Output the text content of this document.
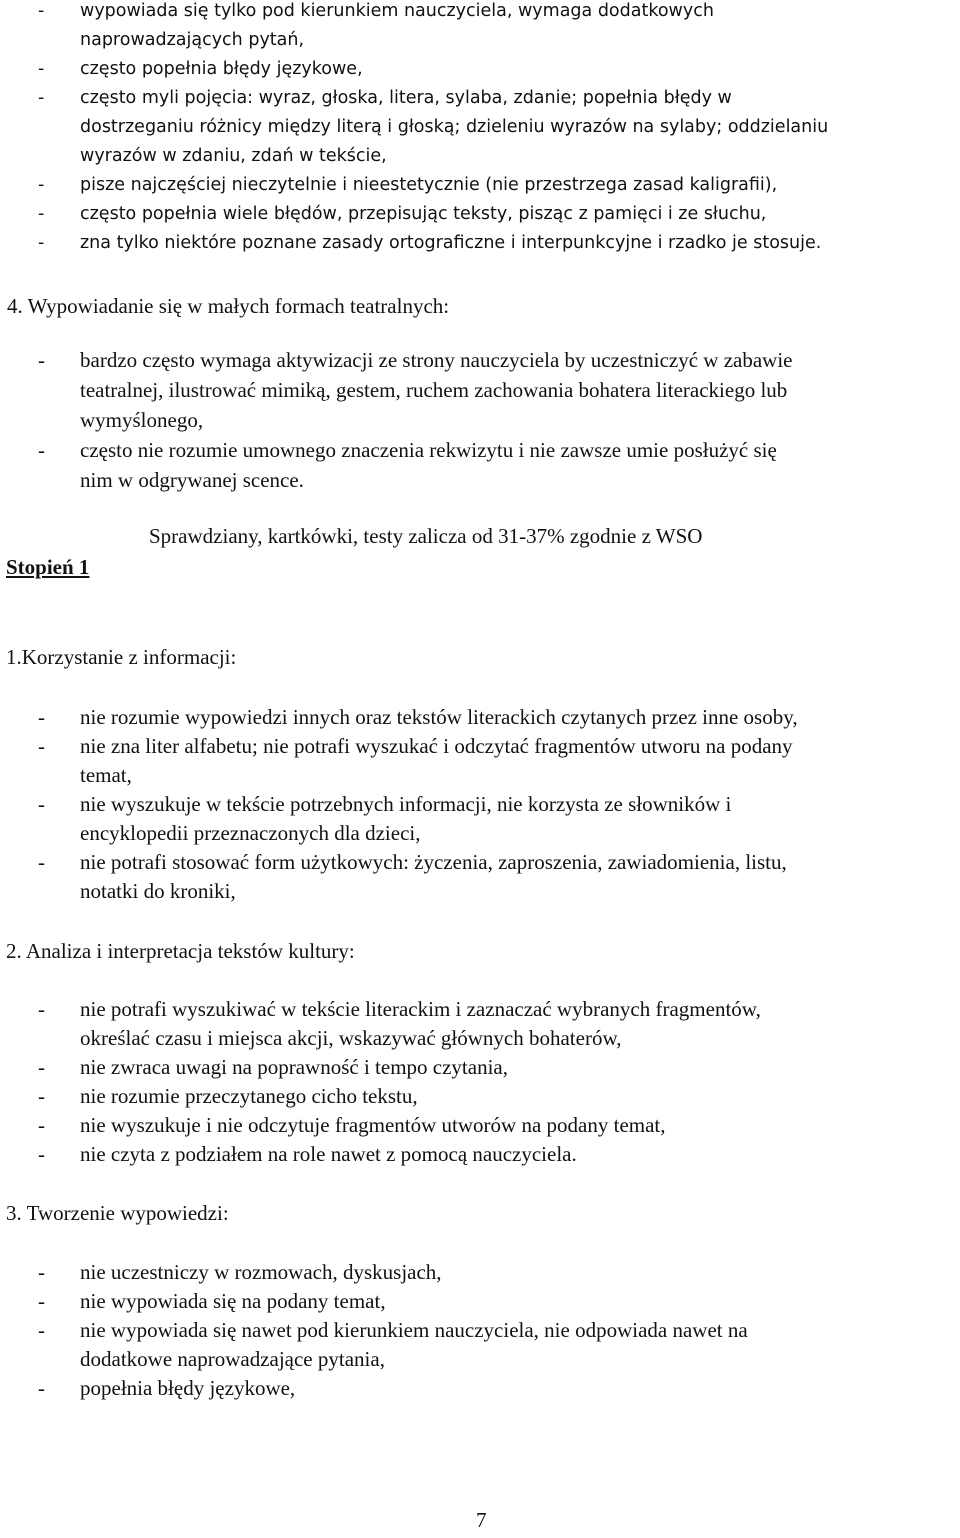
- wypowiada się tylko pod kierunkiem nauczyciela, wymaga dodatkowych
naprowadzających pytań,
- często popełnia błędy językowe,
- często myli pojęcia: wyraz, głoska, litera, sylaba, zdanie; popełnia błędy w
dostrzeganiu różnicy między literą i głoską; dzieleniu wyrazów na sylaby; oddzielaniu
wyrazów w zdaniu, zdań w tekście,
- pisze najczęściej nieczytelnie i nieestetycznie (nie przestrzega zasad kaligrafii),
- często popełnia wiele błędów, przepisując teksty, pisząc z pamięci i ze słuchu,
- zna tylko niektóre poznane zasady ortograficzne i interpunkcyjne i rzadko je stosuje.
4. Wypowiadanie się w małych formach teatralnych:
- bardzo często wymaga aktywizacji ze strony nauczyciela by uczestniczyć w zabawie
teatralnej, ilustrować mimiką, gestem, ruchem zachowania bohatera literackiego lub
wymyślonego,
- często nie rozumie umownego znaczenia rekwizytu i nie zawsze umie posłużyć się
nim w odgrywanej scence.
Sprawdziany, kartkówki, testy zalicza od 31-37% zgodnie z WSO
Stopień 1
1.Korzystanie z informacji:
- nie rozumie wypowiedzi innych oraz tekstów literackich czytanych przez inne osoby,
- nie zna liter alfabetu; nie potrafi wyszukać i odczytać fragmentów utworu na podany
temat,
- nie wyszukuje w tekście potrzebnych informacji, nie korzysta ze słowników i
encyklopedii przeznaczonych dla dzieci,
- nie potrafi stosować form użytkowych: życzenia, zaproszenia, zawiadomienia, listu,
notatki do kroniki,
2. Analiza i interpretacja tekstów kultury:
- nie potrafi wyszukiwać w tekście literackim i zaznaczać wybranych fragmentów,
określać czasu i miejsca akcji, wskazywać głównych bohaterów,
- nie zwraca uwagi na poprawność i tempo czytania,
- nie rozumie przeczytanego cicho tekstu,
- nie wyszukuje i nie odczytuje fragmentów utworów na podany temat,
- nie czyta z podziałem na role nawet z pomocą nauczyciela.
3. Tworzenie wypowiedzi:
- nie uczestniczy w rozmowach, dyskusjach,
- nie wypowiada się na podany temat,
- nie wypowiada się nawet pod kierunkiem nauczyciela, nie odpowiada nawet na
dodatkowe naprowadzające pytania,
- popełnia błędy językowe,
7
